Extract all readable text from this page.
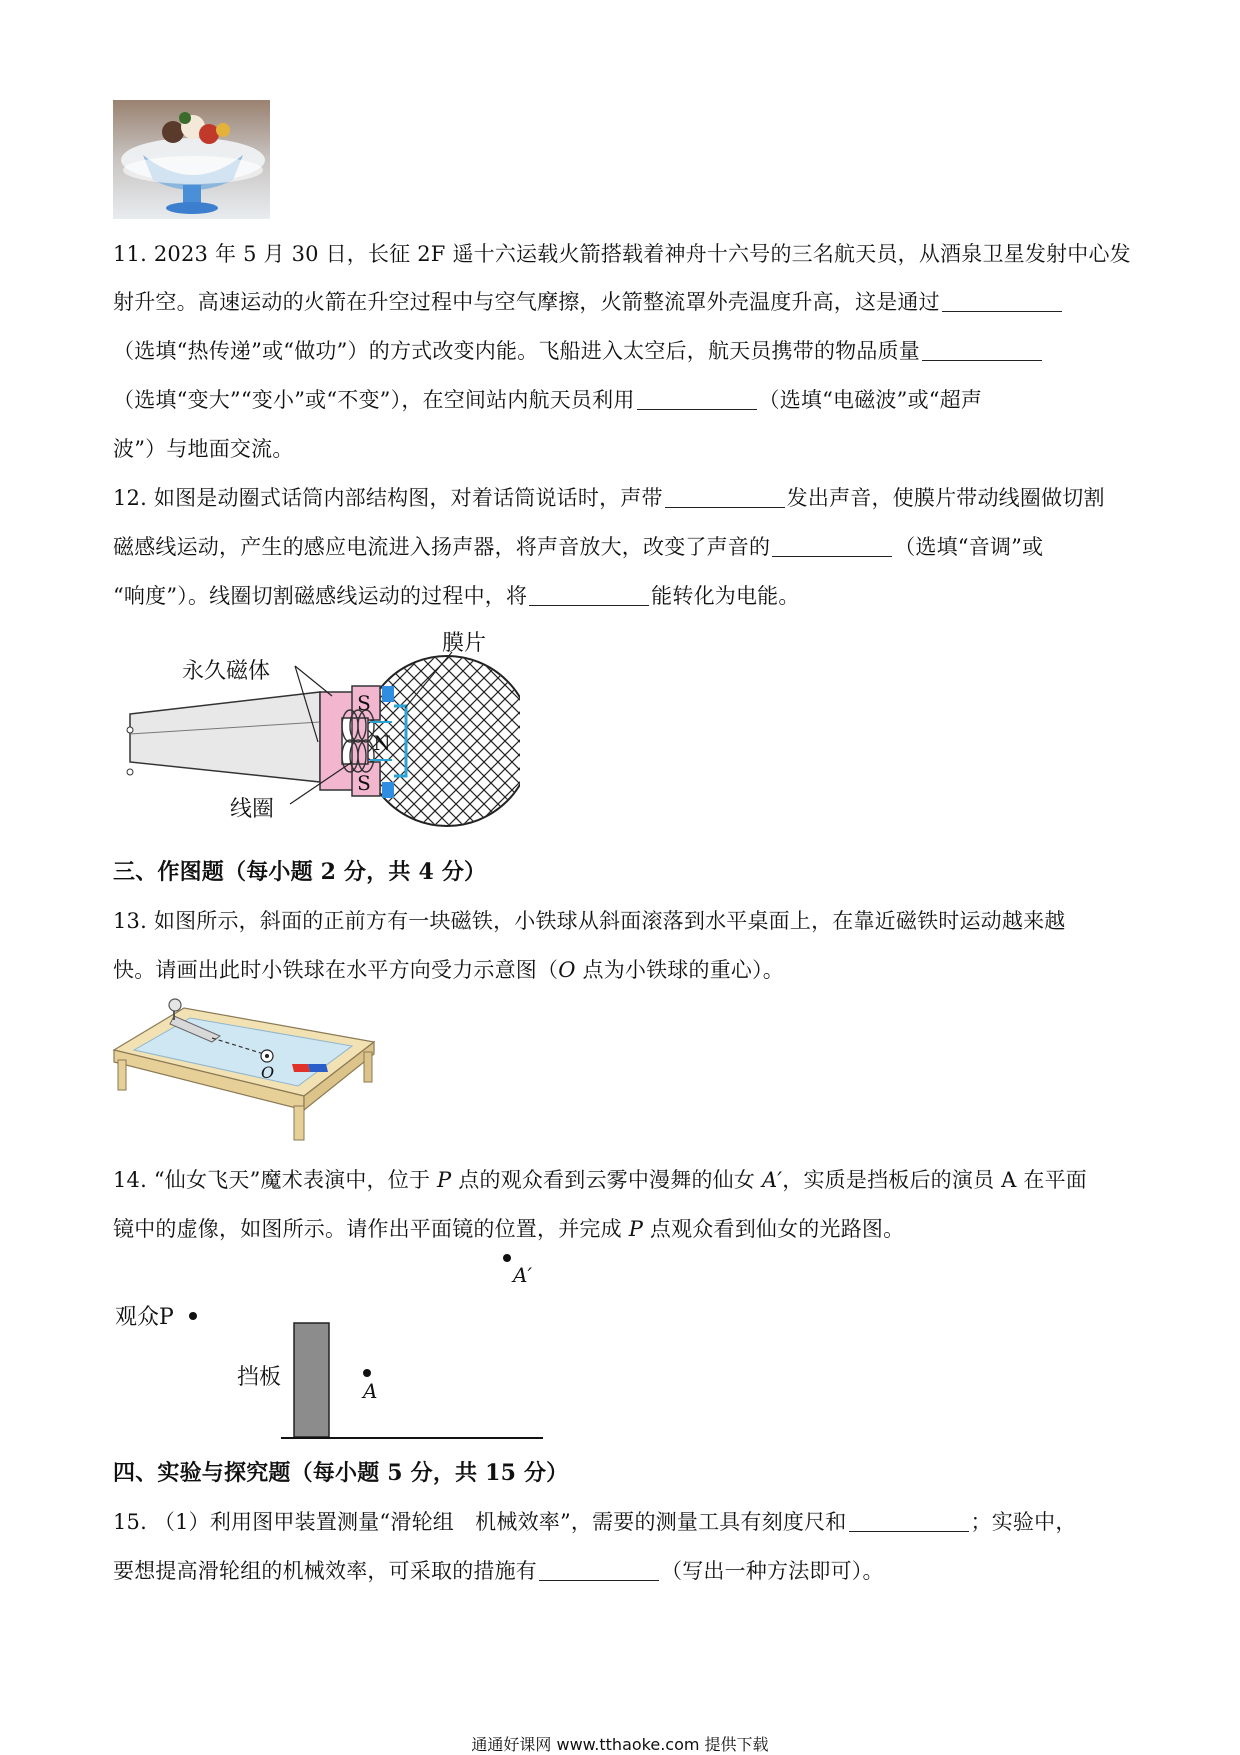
11. 2023 年 5 月 30 日，长征 2F 遥十六运载火箭搭载着神舟十六号的三名航天员，从酒泉卫星发射中心发
射升空。高速运动的火箭在升空过程中与空气摩擦，火箭整流罩外壳温度升高，这是通过
（选填“热传递”或“做功”）的方式改变内能。飞船进入太空后，航天员携带的物品质量
（选填“变大”“变小”或“不变”），在空间站内航天员利用	（选填“电磁波”或“超声
波”）与地面交流。
12. 如图是动圈式话筒内部结构图，对着话筒说话时，声带	发出声音，使膜片带动线圈做切割
磁感线运动，产生的感应电流进入扬声器，将声音放大，改变了声音的	（选填“音调”或
“响度”）。线圈切割磁感线运动的过程中，将	能转化为电能。
S
S
N
永久磁体
膜片
线圈
三、作图题（每小题 2 分，共 4 分）
13. 如图所示，斜面的正前方有一块磁铁，小铁球从斜面滚落到水平桌面上，在靠近磁铁时运动越来越
快。请画出此时小铁球在水平方向受力示意图（O 点为小铁球的重心）。
O
14. “仙女飞天”魔术表演中，位于 P 点的观众看到云雾中漫舞的仙女 A′，实质是挡板后的演员 A 在平面
镜中的虚像，如图所示。请作出平面镜的位置，并完成 P 点观众看到仙女的光路图。
A′
观众P
挡板
A
四、实验与探究题（每小题 5 分，共 15 分）
15. （1）利用图甲装置测量“滑轮组　机械效率”，需要的测量工具有刻度尺和	；实验中，
要想提高滑轮组的机械效率，可采取的措施有	（写出一种方法即可）。
通通好课网 www.tthaoke.com 提供下载
